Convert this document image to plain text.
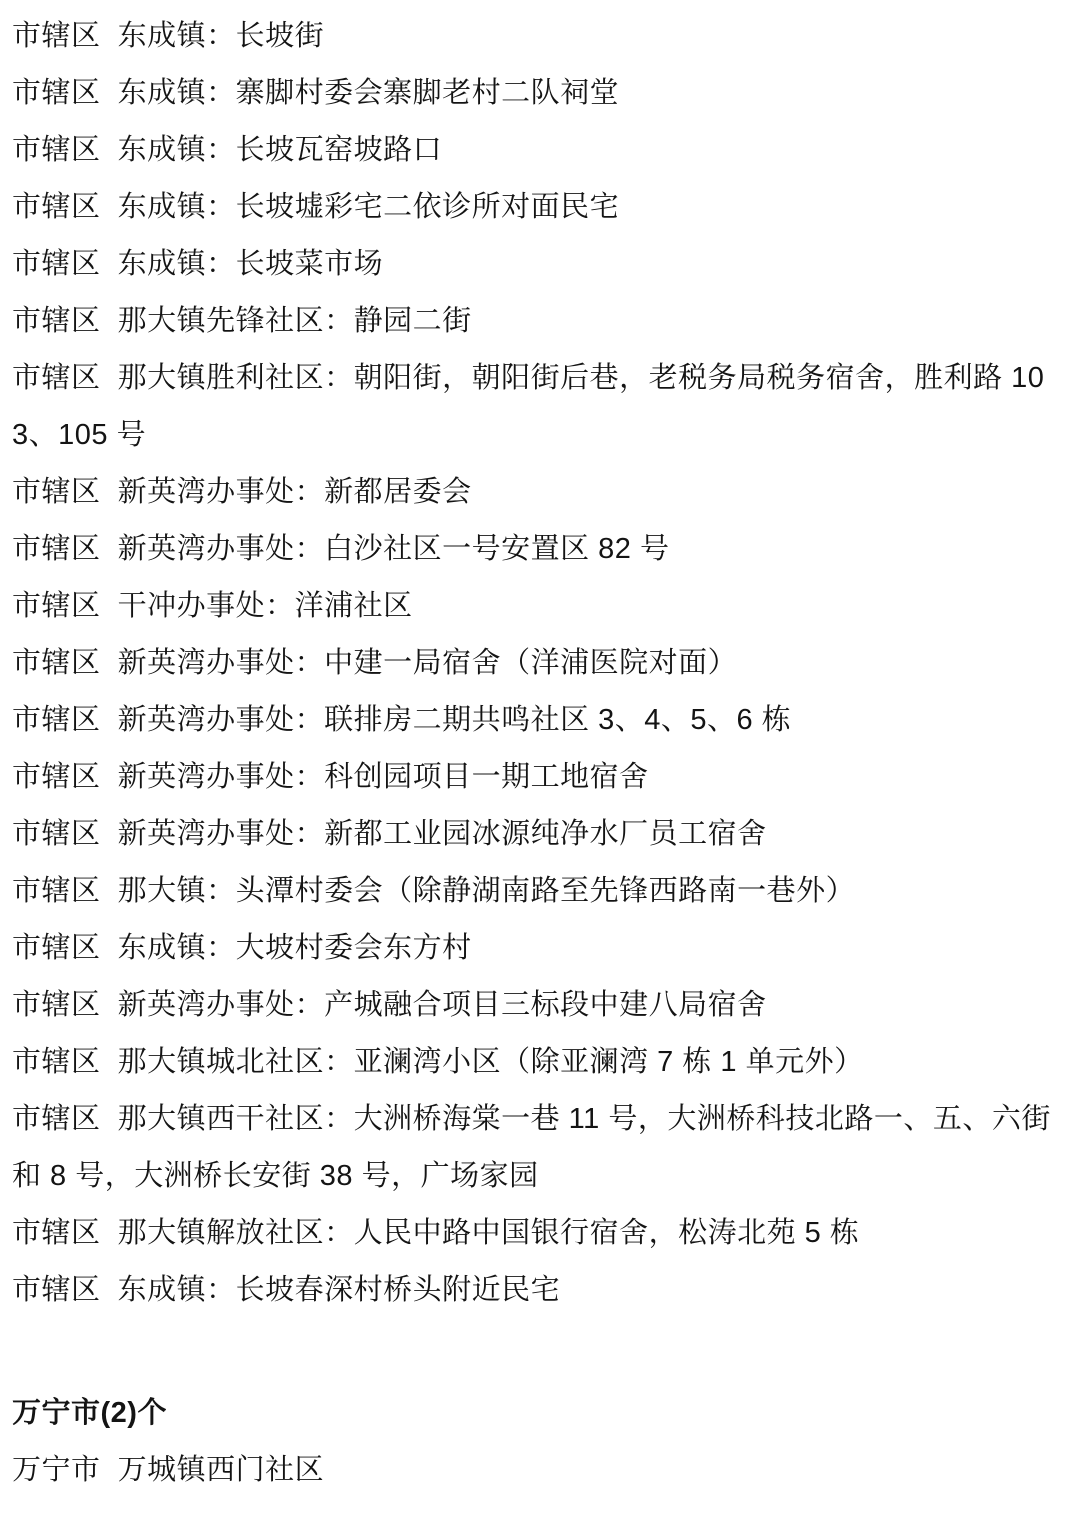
市辖区  东成镇：长坡街
市辖区  东成镇：寨脚村委会寨脚老村二队祠堂
市辖区  东成镇：长坡瓦窑坡路口
市辖区  东成镇：长坡墟彩宅二依诊所对面民宅
市辖区  东成镇：长坡菜市场
市辖区  那大镇先锋社区：静园二街
市辖区  那大镇胜利社区：朝阳街，朝阳街后巷，老税务局税务宿舍，胜利路 103、105 号
市辖区  新英湾办事处：新都居委会
市辖区  新英湾办事处：白沙社区一号安置区 82 号
市辖区  干冲办事处：洋浦社区
市辖区  新英湾办事处：中建一局宿舍（洋浦医院对面）
市辖区  新英湾办事处：联排房二期共鸣社区 3、4、5、6 栋
市辖区  新英湾办事处：科创园项目一期工地宿舍
市辖区  新英湾办事处：新都工业园冰源纯净水厂员工宿舍
市辖区  那大镇：头潭村委会（除静湖南路至先锋西路南一巷外）
市辖区  东成镇：大坡村委会东方村
市辖区  新英湾办事处：产城融合项目三标段中建八局宿舍
市辖区  那大镇城北社区：亚澜湾小区（除亚澜湾 7 栋 1 单元外）
市辖区  那大镇西干社区：大洲桥海棠一巷 11 号，大洲桥科技北路一、五、六街和 8 号，大洲桥长安街 38 号，广场家园
市辖区  那大镇解放社区：人民中路中国银行宿舍，松涛北苑 5 栋
市辖区  东成镇：长坡春深村桥头附近民宅
万宁市(2)个
万宁市  万城镇西门社区
